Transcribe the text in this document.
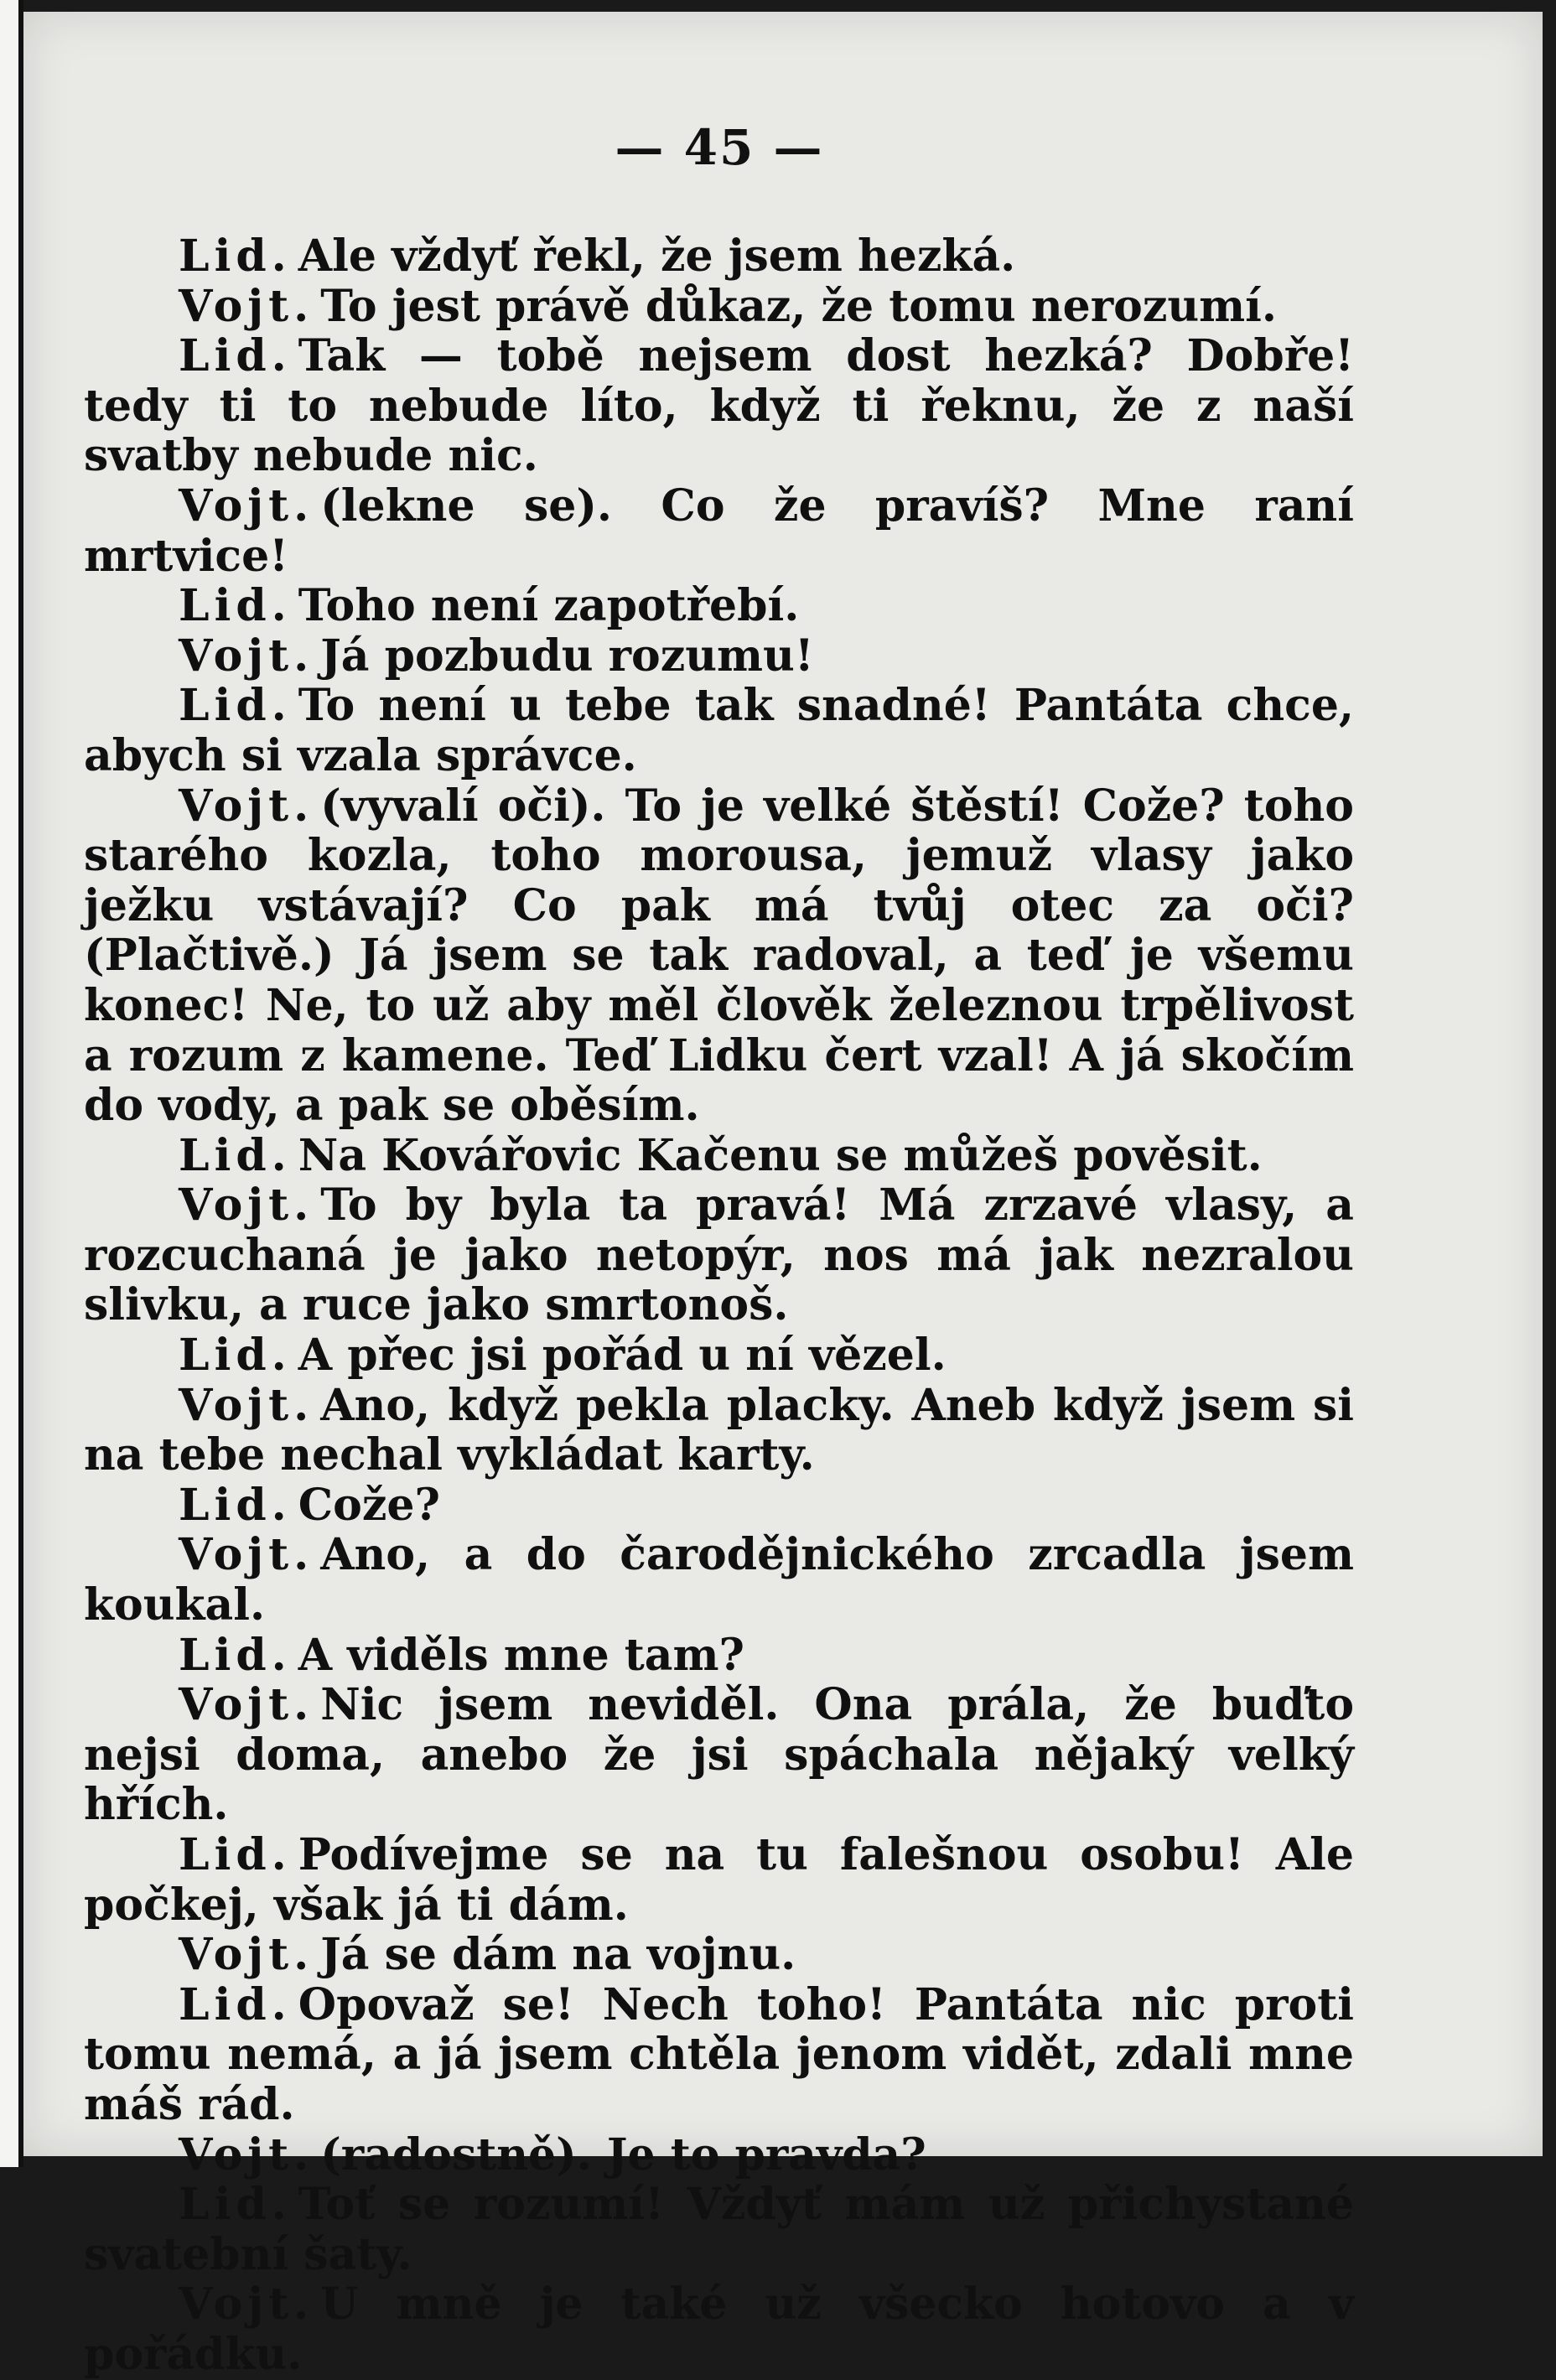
— 45 —

Lid. Ale vždyť řekl, že jsem hezká.

Vojt. To jest právě důkaz, že tomu nerozumí.

Lid. Tak — tobě nejsem dost hezká? Dobře! tedy ti to nebude líto, když ti řeknu, že z naší svatby nebude nic.

Vojt. (lekne se). Co že pravíš? Mne raní mrtvice!

Lid. Toho není zapotřebí.

Vojt. Já pozbudu rozumu!

Lid. To není u tebe tak snadné! Pantáta chce, abych si vzala správce.

Vojt. (vyvalí oči). To je velké štěstí! Cože? toho starého kozla, toho morousa, jemuž vlasy jako ježku vstávají? Co pak má tvůj otec za oči? (Plačtivě.) Já jsem se tak radoval, a teď je všemu konec! Ne, to už aby měl člověk železnou trpělivost a rozum z kamene. Teď Lidku čert vzal! A já skočím do vody, a pak se oběsím.

Lid. Na Kovářovic Kačenu se můžeš pověsit.

Vojt. To by byla ta pravá! Má zrzavé vlasy, a rozcuchaná je jako netopýr, nos má jak nezralou slivku, a ruce jako smrtonoš.

Lid. A přec jsi pořád u ní vězel.

Vojt. Ano, když pekla placky. Aneb když jsem si na tebe nechal vykládat karty.

Lid. Cože?

Vojt. Ano, a do čarodějnického zrcadla jsem koukal.

Lid. A viděls mne tam?

Vojt. Nic jsem neviděl. Ona prála, že buďto nejsi doma, anebo že jsi spáchala nějaký velký hřích.

Lid. Podívejme se na tu falešnou osobu! Ale počkej, však já ti dám.

Vojt. Já se dám na vojnu.

Lid. Opovaž se! Nech toho! Pantáta nic proti tomu nemá, a já jsem chtěla jenom vidět, zdali mne máš rád.

Vojt. (radostně). Je to pravda?

Lid. Toť se rozumí! Vždyť mám už přichystané svatební šaty.

Vojt. U mně je také už všecko hotovo a v pořádku.
